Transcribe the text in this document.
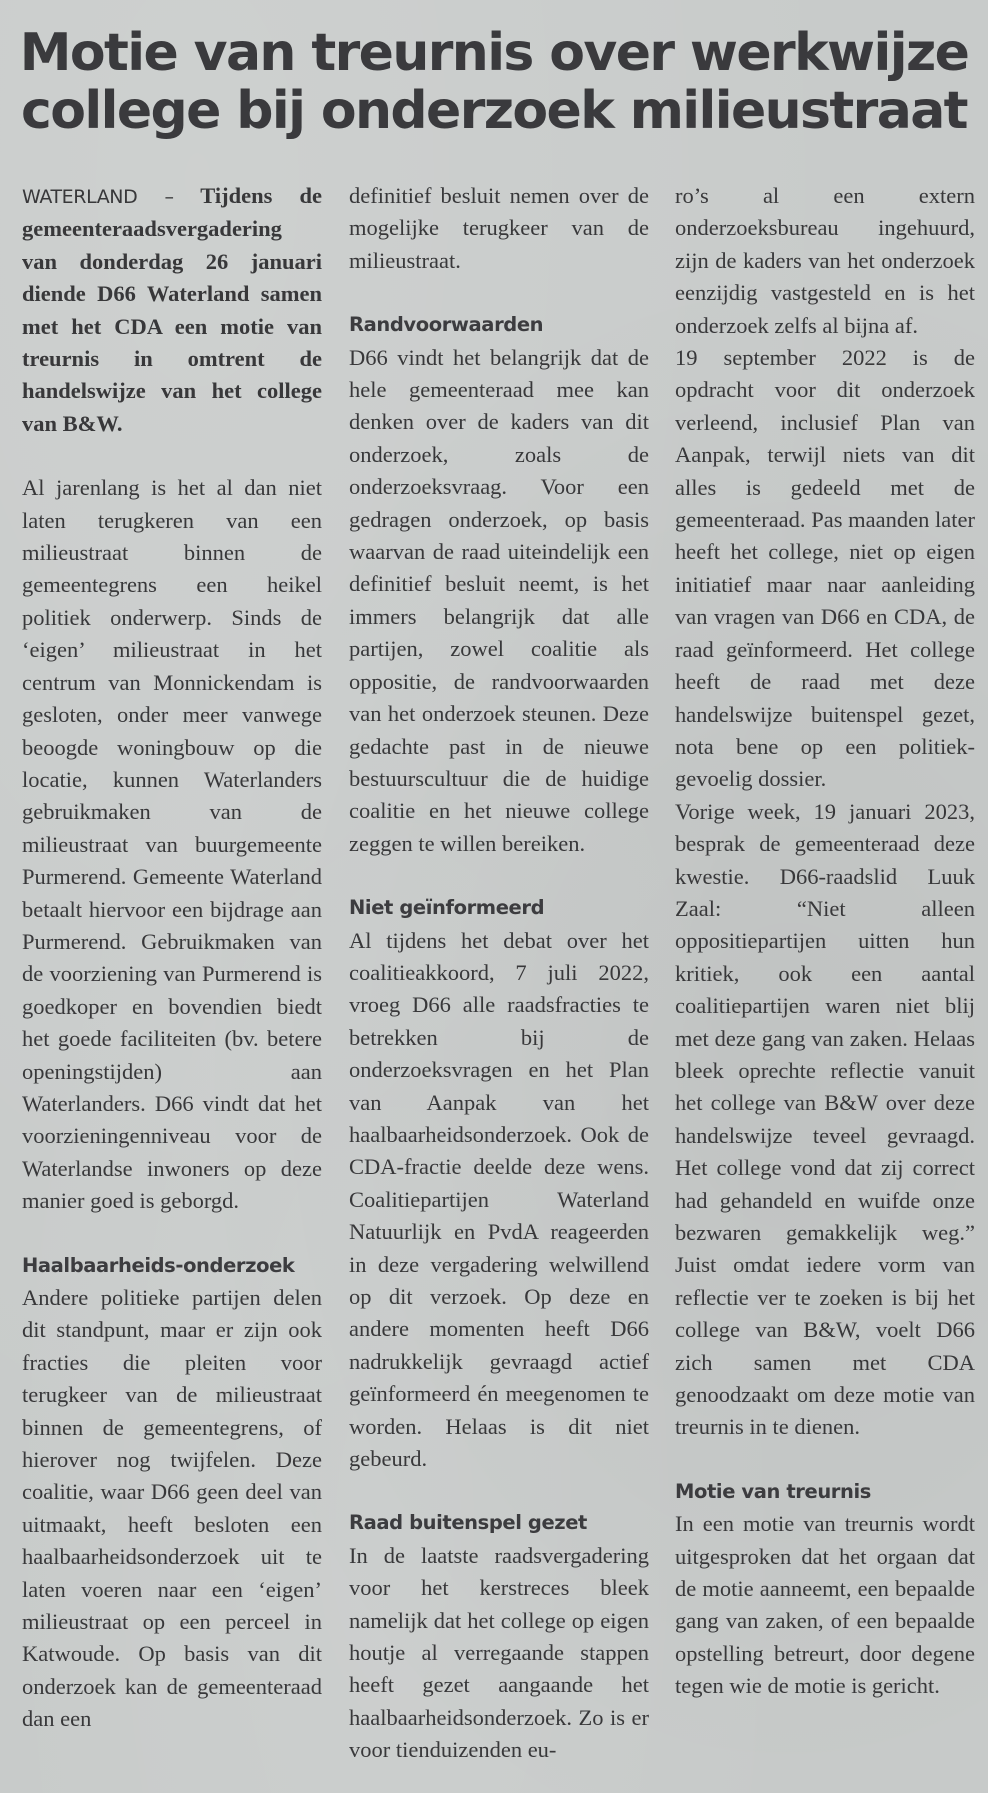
Motie van treurnis over werkwijze
college bij onderzoek milieustraat

WATERLAND – Tijdens de gemeenteraadsvergadering van donderdag 26 januari diende D66 Waterland samen met het CDA een motie van treurnis in omtrent de handelswijze van het college van B&W.

Al jarenlang is het al dan niet laten terugkeren van een milieustraat binnen de gemeentegrens een heikel politiek onderwerp. Sinds de ‘eigen’ milieustraat in het centrum van Monnickendam is gesloten, onder meer vanwege beoogde woningbouw op die locatie, kunnen Waterlanders gebruikmaken van de milieustraat van buurgemeente Purmerend. Gemeente Waterland betaalt hiervoor een bijdrage aan Purmerend. Gebruikmaken van de voorziening van Purmerend is goedkoper en bovendien biedt het goede faciliteiten (bv. betere openingstijden) aan Waterlanders. D66 vindt dat het voorzieningenniveau voor de Waterlandse inwoners op deze manier goed is geborgd.

Haalbaarheids-onderzoek

Andere politieke partijen delen dit standpunt, maar er zijn ook fracties die pleiten voor terugkeer van de milieustraat binnen de gemeentegrens, of hierover nog twijfelen. Deze coalitie, waar D66 geen deel van uitmaakt, heeft besloten een haalbaarheidsonderzoek uit te laten voeren naar een ‘eigen’ milieustraat op een perceel in Katwoude. Op basis van dit onderzoek kan de gemeenteraad dan een

definitief besluit nemen over de mogelijke terugkeer van de milieustraat.

Randvoorwaarden

D66 vindt het belangrijk dat de hele gemeenteraad mee kan denken over de kaders van dit onderzoek, zoals de onderzoeksvraag. Voor een gedragen onderzoek, op basis waarvan de raad uiteindelijk een definitief besluit neemt, is het immers belangrijk dat alle partijen, zowel coalitie als oppositie, de randvoorwaarden van het onderzoek steunen. Deze gedachte past in de nieuwe bestuurscultuur die de huidige coalitie en het nieuwe college zeggen te willen bereiken.

Niet geïnformeerd

Al tijdens het debat over het coalitieakkoord, 7 juli 2022, vroeg D66 alle raadsfracties te betrekken bij de onderzoeksvragen en het Plan van Aanpak van het haalbaarheidsonderzoek. Ook de CDA-fractie deelde deze wens. Coalitiepartijen Waterland Natuurlijk en PvdA reageerden in deze vergadering welwillend op dit verzoek. Op deze en andere momenten heeft D66 nadrukkelijk gevraagd actief geïnformeerd én meegenomen te worden. Helaas is dit niet gebeurd.

Raad buitenspel gezet

In de laatste raadsvergadering voor het kerstreces bleek namelijk dat het college op eigen houtje al verregaande stappen heeft gezet aangaande het haalbaarheidsonderzoek. Zo is er voor tienduizenden eu-

ro’s al een extern onderzoeksbureau ingehuurd, zijn de kaders van het onderzoek eenzijdig vastgesteld en is het onderzoek zelfs al bijna af.

19 september 2022 is de opdracht voor dit onderzoek verleend, inclusief Plan van Aanpak, terwijl niets van dit alles is gedeeld met de gemeenteraad. Pas maanden later heeft het college, niet op eigen initiatief maar naar aanleiding van vragen van D66 en CDA, de raad geïnformeerd. Het college heeft de raad met deze handelswijze buitenspel gezet, nota bene op een politiek-gevoelig dossier.

Vorige week, 19 januari 2023, besprak de gemeenteraad deze kwestie. D66-raadslid Luuk Zaal: “Niet alleen oppositiepartijen uitten hun kritiek, ook een aantal coalitiepartijen waren niet blij met deze gang van zaken. Helaas bleek oprechte reflectie vanuit het college van B&W over deze handelswijze teveel gevraagd. Het college vond dat zij correct had gehandeld en wuifde onze bezwaren gemakkelijk weg.” Juist omdat iedere vorm van reflectie ver te zoeken is bij het college van B&W, voelt D66 zich samen met CDA genoodzaakt om deze motie van treurnis in te dienen.

Motie van treurnis

In een motie van treurnis wordt uitgesproken dat het orgaan dat de motie aanneemt, een bepaalde gang van zaken, of een bepaalde opstelling betreurt, door degene tegen wie de motie is gericht.
